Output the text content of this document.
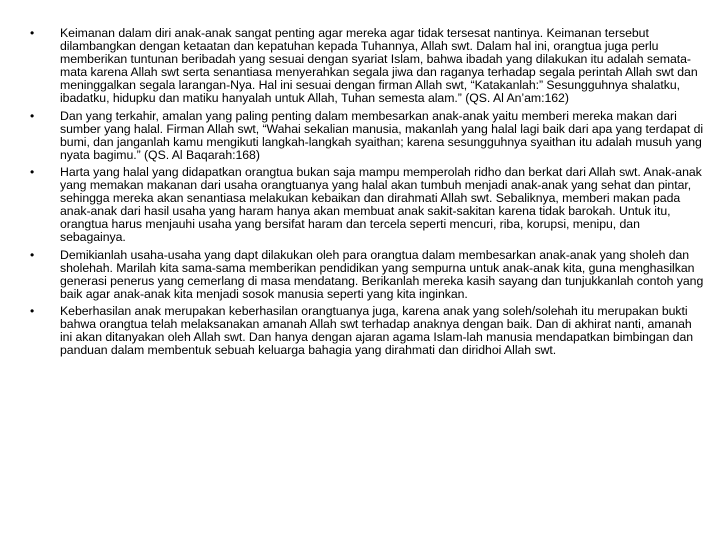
• Keimanan dalam diri anak-anak sangat penting agar mereka agar tidak tersesat nantinya. Keimanan tersebut dilambangkan dengan ketaatan dan kepatuhan kepada Tuhannya, Allah swt. Dalam hal ini, orangtua juga perlu memberikan tuntunan beribadah yang sesuai dengan syariat Islam, bahwa ibadah yang dilakukan itu adalah semata-mata karena Allah swt serta senantiasa menyerahkan segala jiwa dan raganya terhadap segala perintah Allah swt dan meninggalkan segala larangan-Nya. Hal ini sesuai dengan firman Allah swt, “Katakanlah:” Sesungguhnya shalatku, ibadatku, hidupku dan matiku hanyalah untuk Allah, Tuhan semesta alam.” (QS. Al An’am:162)
• Dan yang terkahir, amalan yang paling penting dalam membesarkan anak-anak yaitu memberi mereka makan dari sumber yang halal. Firman Allah swt, “Wahai sekalian manusia, makanlah yang halal lagi baik dari apa yang terdapat di bumi, dan janganlah kamu mengikuti langkah-langkah syaithan; karena sesungguhnya syaithan itu adalah musuh yang nyata bagimu.” (QS. Al Baqarah:168)
• Harta yang halal yang didapatkan orangtua bukan saja mampu memperolah ridho dan berkat dari Allah swt. Anak-anak yang memakan makanan dari usaha orangtuanya yang halal akan tumbuh menjadi anak-anak yang sehat dan pintar, sehingga mereka akan senantiasa melakukan kebaikan dan dirahmati Allah swt. Sebaliknya, memberi makan pada anak-anak dari hasil usaha yang haram hanya akan membuat anak sakit-sakitan karena tidak barokah. Untuk itu, orangtua harus menjauhi usaha yang bersifat haram dan tercela seperti mencuri, riba, korupsi, menipu, dan sebagainya.
• Demikianlah usaha-usaha yang dapt dilakukan oleh para orangtua dalam membesarkan anak-anak yang sholeh dan sholehah. Marilah kita sama-sama memberikan pendidikan yang sempurna untuk anak-anak kita, guna menghasilkan generasi penerus yang cemerlang di masa mendatang. Berikanlah mereka kasih sayang dan tunjukkanlah contoh yang baik agar anak-anak kita menjadi sosok manusia seperti yang kita inginkan.
• Keberhasilan anak merupakan keberhasilan orangtuanya juga, karena anak yang soleh/solehah itu merupakan bukti bahwa orangtua telah melaksanakan amanah Allah swt terhadap anaknya dengan baik. Dan di akhirat nanti, amanah ini akan ditanyakan oleh Allah swt. Dan hanya dengan ajaran agama Islam-lah manusia mendapatkan bimbingan dan panduan dalam membentuk sebuah keluarga bahagia yang dirahmati dan diridhoi Allah swt.
